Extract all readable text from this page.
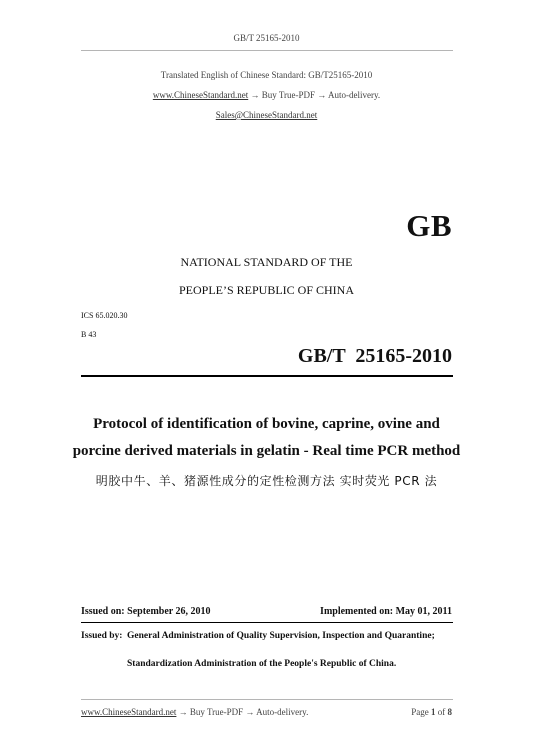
GB/T 25165-2010
Translated English of Chinese Standard: GB/T25165-2010
www.ChineseStandard.net → Buy True-PDF → Auto-delivery.
Sales@ChineseStandard.net
GB
NATIONAL STANDARD OF THE
PEOPLE’S REPUBLIC OF CHINA
ICS 65.020.30
B 43
GB/T  25165-2010
Protocol of identification of bovine, caprine, ovine and
porcine derived materials in gelatin - Real time PCR method
明胶中牛、羊、猪源性成分的定性检测方法 实时荧光 PCR 法
Issued on: September 26, 2010	Implemented on: May 01, 2011
Issued by: General Administration of Quality Supervision, Inspection and Quarantine;
Standardization Administration of the People's Republic of China.
www.ChineseStandard.net → Buy True-PDF → Auto-delivery.	Page 1 of 8
